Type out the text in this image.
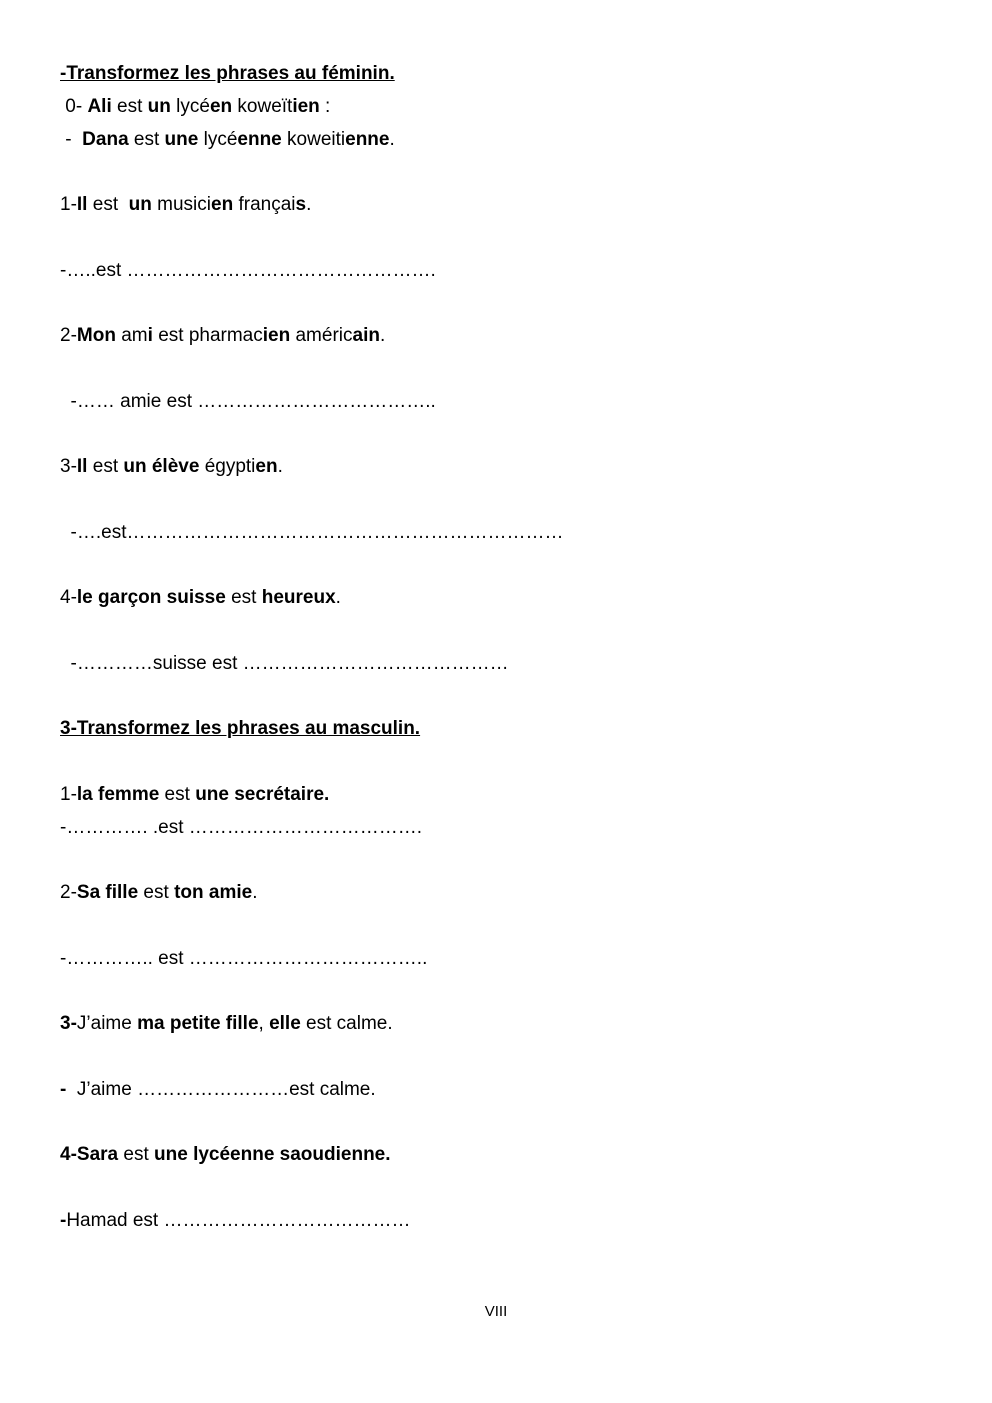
-Transformez les phrases au féminin.
0- Ali est un lycéen koweïtien :
-  Dana est une lycéenne koweitienne.
1-Il est  un musicien français.
-…..est ………………………………………….
2-Mon ami est pharmacien américain.
-…… amie est ………………………………..
3-Il est un élève égyptien.
-….est……………………………………………………………
4-le garçon suisse est heureux.
-…………suisse est ……………………………………
3-Transformez les phrases au masculin.
1-la femme est une secrétaire.
-…………. .est ……………………………….
2-Sa fille est ton amie.
-………….. est ………………………………..
3-J’aime ma petite fille, elle est calme.
-  J’aime ……………………est calme.
4-Sara est une lycéenne saoudienne.
-Hamad est …………………………………
VIII
